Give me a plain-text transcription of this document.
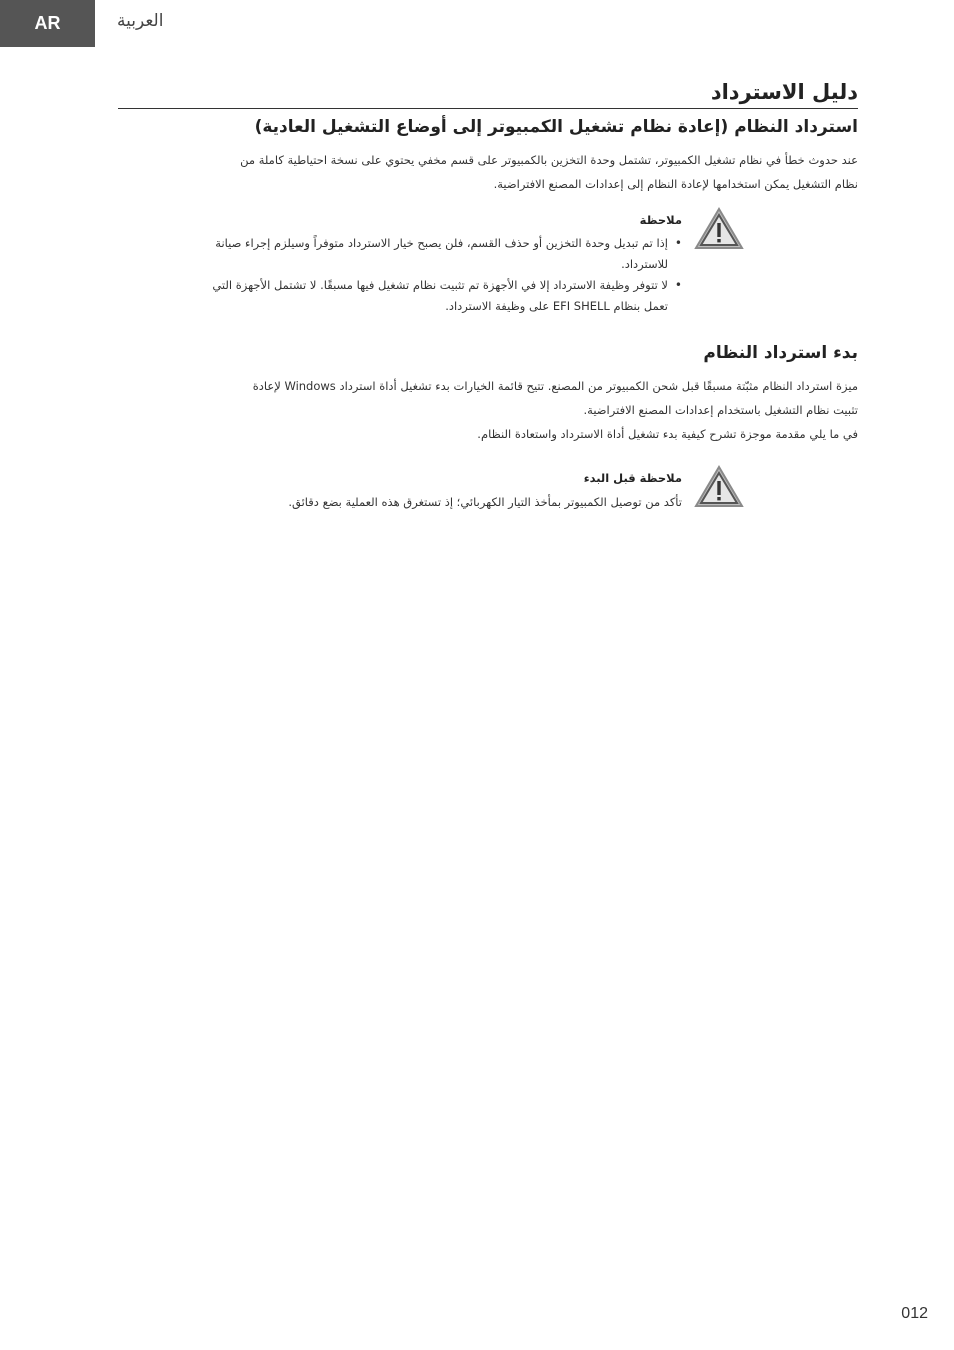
AR	العربية
دليل الاسترداد
استرداد النظام (إعادة نظام تشغيل الكمبيوتر إلى أوضاع التشغيل العادية)

عند حدوث خطأ في نظام تشغيل الكمبيوتر، تشتمل وحدة التخزين بالكمبيوتر على قسم مخفي يحتوي على نسخة احتياطية كاملة من

نظام التشغيل يمكن استخدامها لإعادة النظام إلى إعدادات المصنع الافتراضية.

ملاحظة

• إذا تم تبديل وحدة التخزين أو حذف القسم، فلن يصبح خيار الاسترداد متوفراً وسيلزم إجراء صيانة
للاسترداد.
• لا تتوفر وظيفة الاسترداد إلا في الأجهزة تم تثبيت نظام تشغيل فيها مسبقًا. لا تشتمل الأجهزة التي
تعمل بنظام EFI SHELL على وظيفة الاسترداد.
بدء استرداد النظام

ميزة استرداد النظام مثبّتة مسبقًا قبل شحن الكمبيوتر من المصنع. تتيح قائمة الخيارات بدء تشغيل أداة استرداد Windows لإعادة

تثبيت نظام التشغيل باستخدام إعدادات المصنع الافتراضية.

في ما يلي مقدمة موجزة تشرح كيفية بدء تشغيل أداة الاسترداد واستعادة النظام.

ملاحظة قبل البدء

تأكد من توصيل الكمبيوتر بمأخذ التيار الكهربائي؛ إذ تستغرق هذه العملية بضع دقائق.

012
